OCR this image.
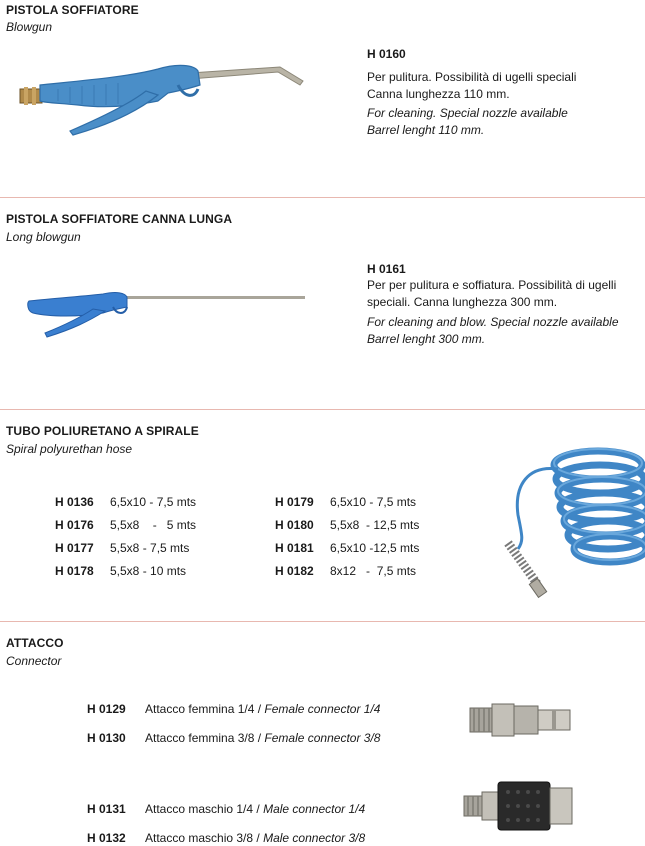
PISTOLA SOFFIATORE
Blowgun
H 0160
Per pulitura. Possibilità di ugelli speciali
Canna lunghezza 110 mm.
For cleaning. Special nozzle available
Barrel lenght 110 mm.
PISTOLA SOFFIATORE CANNA LUNGA
Long blowgun
H 0161
Per per pulitura e soffiatura. Possibilità di ugelli
speciali. Canna lunghezza 300 mm.
For cleaning and blow. Special nozzle available
Barrel lenght 300 mm.
TUBO POLIURETANO A SPIRALE
Spiral polyurethan hose
H 0136 6,5x10 - 7,5 mts
H 0176 5,5x8    -   5 mts
H 0177 5,5x8 - 7,5 mts
H 0178 5,5x8 - 10 mts
H 0179 6,5x10 - 7,5 mts
H 0180 5,5x8  - 12,5 mts
H 0181 6,5x10 -12,5 mts
H 0182 8x12   -  7,5 mts
ATTACCO
Connector
H 0129 Attacco femmina 1/4 / Female connector 1/4
H 0130 Attacco femmina 3/8 / Female connector 3/8
H 0131 Attacco maschio 1/4 / Male connector 1/4
H 0132 Attacco maschio 3/8 / Male connector 3/8
